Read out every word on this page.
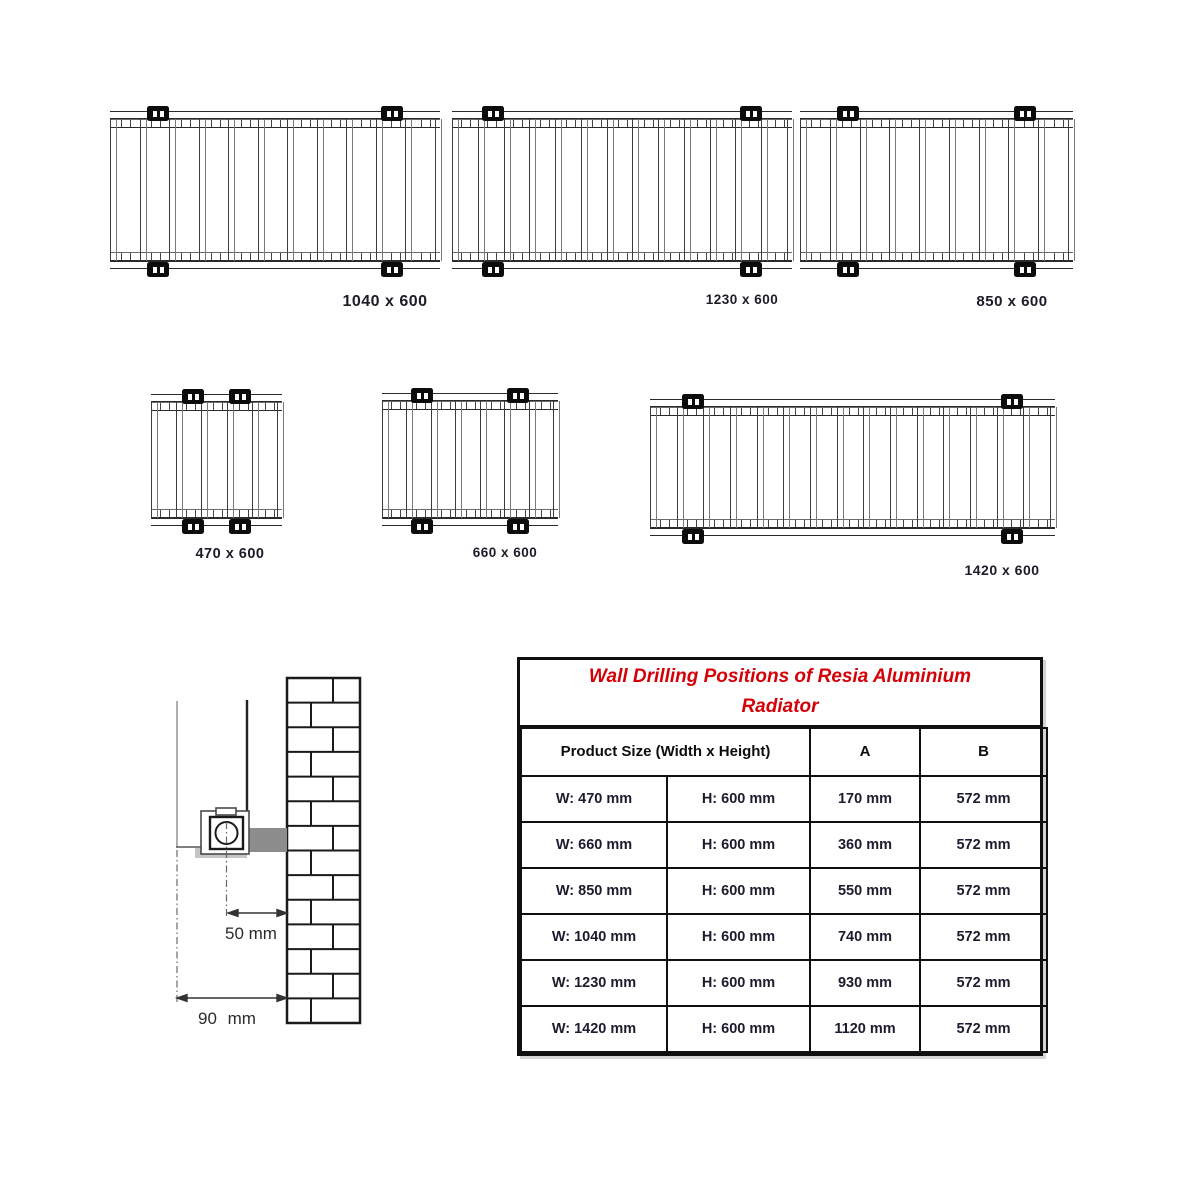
1040 x 600	1230 x 600	850 x 600
470 x 600	660 x 600
1420 x 600
50 mm
90 mm
Wall Drilling Positions of Resia Aluminium Radiator
Product Size (Width x Height)		A	B
W: 470 mm	H: 600 mm	170 mm	572 mm
W: 660 mm	H: 600 mm	360 mm	572 mm
W: 850 mm	H: 600 mm	550 mm	572 mm
W: 1040 mm	H: 600 mm	740 mm	572 mm
W: 1230 mm	H: 600 mm	930 mm	572 mm
W: 1420 mm	H: 600 mm	1120 mm	572 mm
